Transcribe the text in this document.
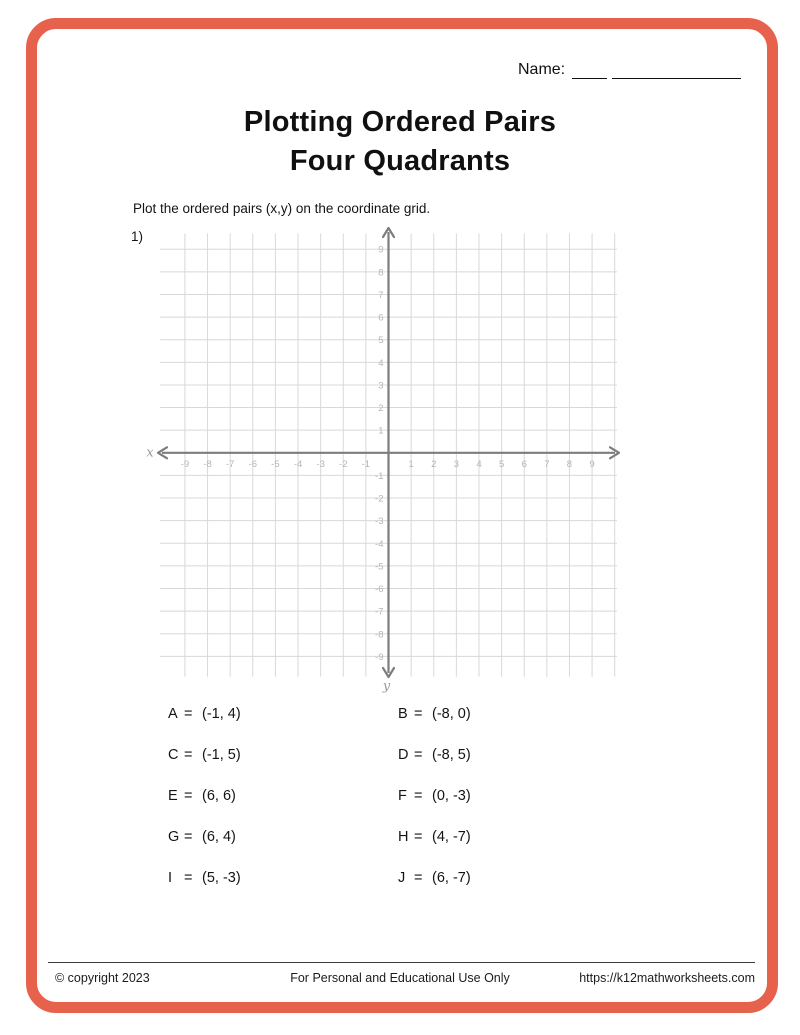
Name:
Plotting Ordered Pairs
Four Quadrants
Plot the ordered pairs (x,y) on the coordinate grid.
1)
-9
-9
-8
-8
-7
-7
-6
-6
-5
-5
-4
-4
-3
-3
-2
-2
-1
-1
1
1
2
2
3
3
4
4
5
5
6
6
7
7
8
8
9
9
x
y
A = (-1, 4)	B = (-8, 0)
C = (-1, 5)	D = (-8, 5)
E = (6, 6)	F = (0, -3)
G = (6, 4)	H = (4, -7)
I = (5, -3)	J = (6, -7)
© copyright 2023	For Personal and Educational Use Only	https://k12mathworksheets.com
